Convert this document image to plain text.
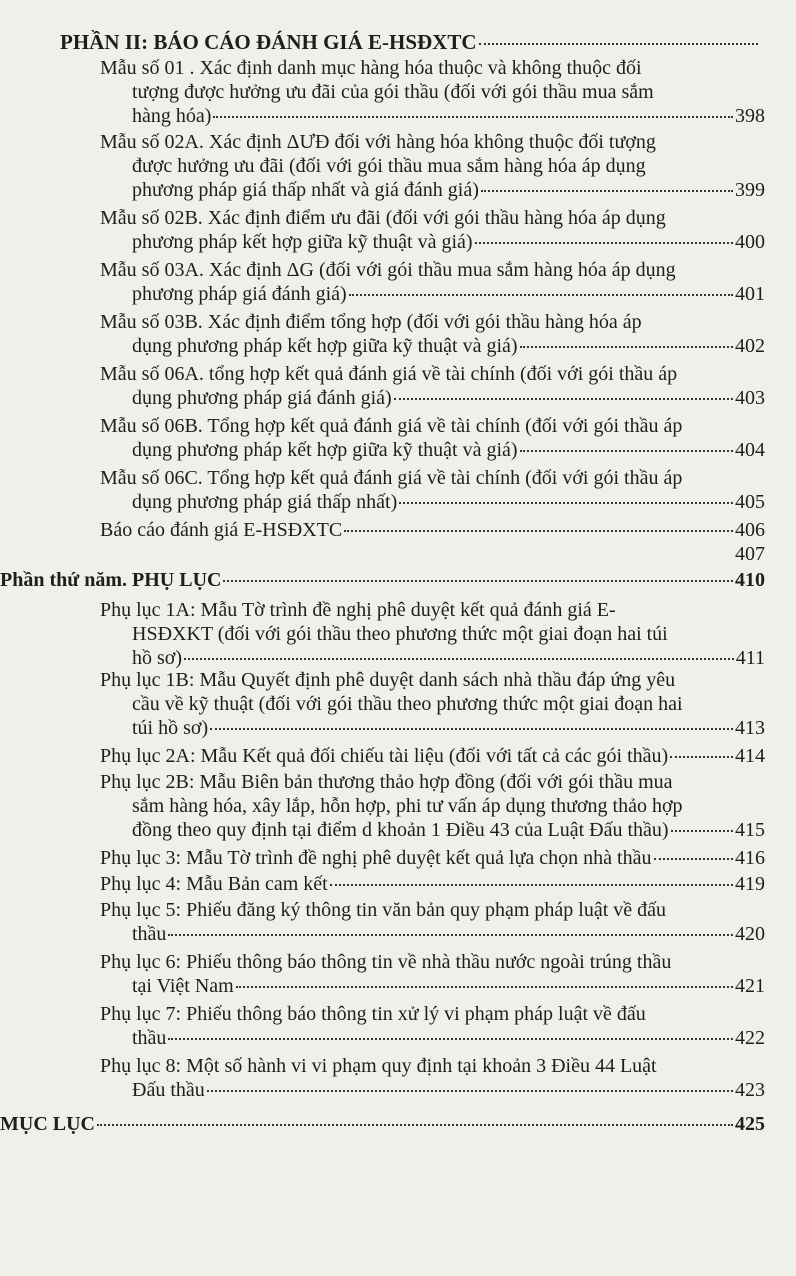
PHẦN II: BÁO CÁO ĐÁNH GIÁ E-HSĐXTC
Mẫu số 01 . Xác định danh mục hàng hóa thuộc và không thuộc đối
tượng được hưởng ưu đãi của gói thầu (đối với gói thầu mua sắm
hàng hóa)	398
Mẫu số 02A. Xác định ΔƯĐ đối với hàng hóa không thuộc đối tượng
được hưởng ưu đãi (đối với gói thầu mua sắm hàng hóa áp dụng
phương pháp giá thấp nhất và giá đánh giá)	399
Mẫu số 02B. Xác định điểm ưu đãi (đối với gói thầu hàng hóa áp dụng
phương pháp kết hợp giữa kỹ thuật và giá)	400
Mẫu số 03A. Xác định ΔG (đối với gói thầu mua sắm hàng hóa áp dụng
phương pháp giá đánh giá)	401
Mẫu số 03B. Xác định điểm tổng hợp (đối với gói thầu hàng hóa áp
dụng phương pháp kết hợp giữa kỹ thuật và giá)	402
Mẫu số 06A. tổng hợp kết quả đánh giá về tài chính (đối với gói thầu áp
dụng phương pháp giá đánh giá)	403
Mẫu số 06B. Tổng hợp kết quả đánh giá về tài chính (đối với gói thầu áp
dụng phương pháp kết hợp giữa kỹ thuật và giá)	404
Mẫu số 06C. Tổng hợp kết quả đánh giá về tài chính (đối với gói thầu áp
dụng phương pháp giá thấp nhất)	405
Báo cáo đánh giá E-HSĐXTC	406
407
Phần thứ năm. PHỤ LỤC	410
Phụ lục 1A: Mẫu Tờ trình đề nghị phê duyệt kết quả đánh giá E-
HSĐXKT (đối với gói thầu theo phương thức một giai đoạn hai túi
hồ sơ)	411
Phụ lục 1B: Mẫu Quyết định phê duyệt danh sách nhà thầu đáp ứng yêu
cầu về kỹ thuật (đối với gói thầu theo phương thức một giai đoạn hai
túi hồ sơ)	413
Phụ lục 2A: Mẫu Kết quả đối chiếu tài liệu (đối với tất cả các gói thầu)	414
Phụ lục 2B: Mẫu Biên bản thương thảo hợp đồng (đối với gói thầu mua
sắm hàng hóa, xây lắp, hỗn hợp, phi tư vấn áp dụng thương thảo hợp
đồng theo quy định tại điểm d khoản 1 Điều 43 của Luật Đấu thầu)	415
Phụ lục 3: Mẫu Tờ trình đề nghị phê duyệt kết quả lựa chọn nhà thầu	416
Phụ lục 4: Mẫu Bản cam kết	419
Phụ lục 5: Phiếu đăng ký thông tin văn bản quy phạm pháp luật về đấu
thầu	420
Phụ lục 6: Phiếu thông báo thông tin về nhà thầu nước ngoài trúng thầu
tại Việt Nam	421
Phụ lục 7: Phiếu thông báo thông tin xử lý vi phạm pháp luật về đấu
thầu	422
Phụ lục 8: Một số hành vi vi phạm quy định tại khoản 3 Điều 44 Luật
Đấu thầu	423
MỤC LỤC	425
